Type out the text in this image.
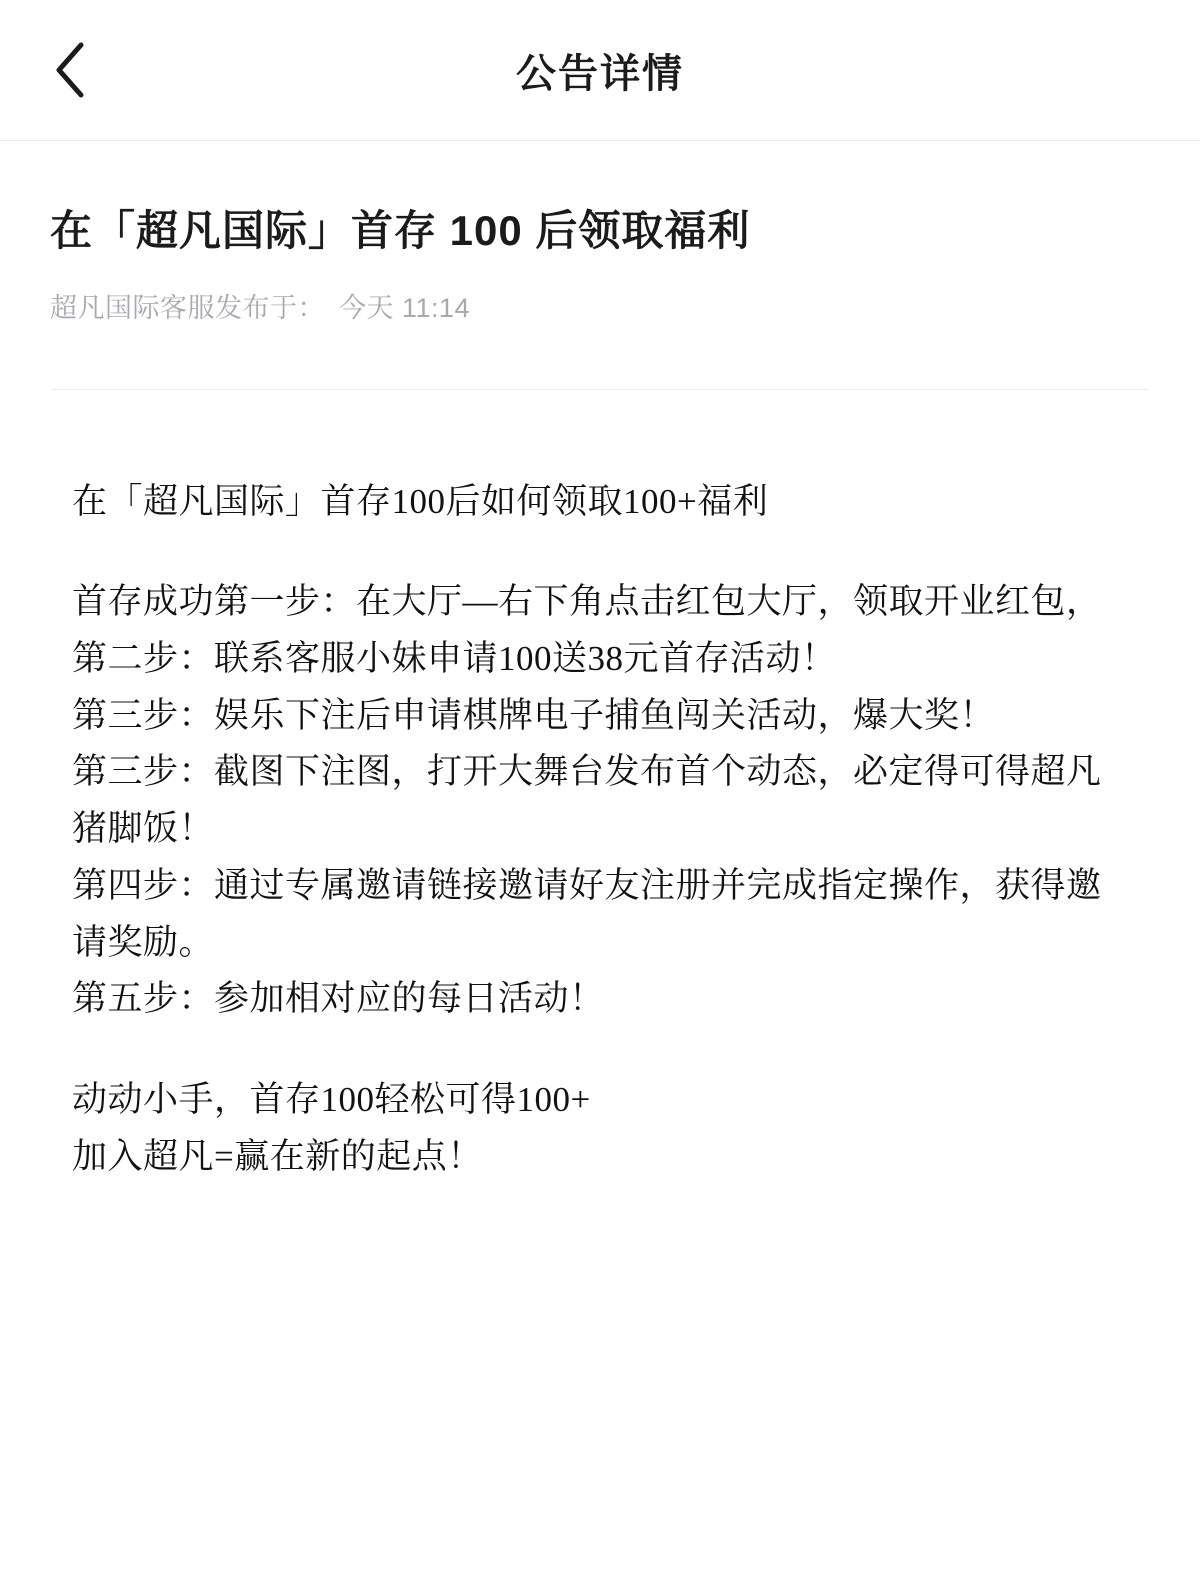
公告详情
在「超凡国际」首存 100 后领取福利
超凡国际客服发布于： 今天 11:14

在「超凡国际」首存100后如何领取100+福利

首存成功第一步：在大厅—右下角点击红包大厅，领取开业红包，

第二步：联系客服小妹申请100送38元首存活动！

第三步：娱乐下注后申请棋牌电子捕鱼闯关活动，爆大奖！

第三步：截图下注图，打开大舞台发布首个动态，必定得可得超凡猪脚饭！

第四步：通过专属邀请链接邀请好友注册并完成指定操作，获得邀请奖励。

第五步：参加相对应的每日活动！

动动小手，首存100轻松可得100+

加入超凡=赢在新的起点！
